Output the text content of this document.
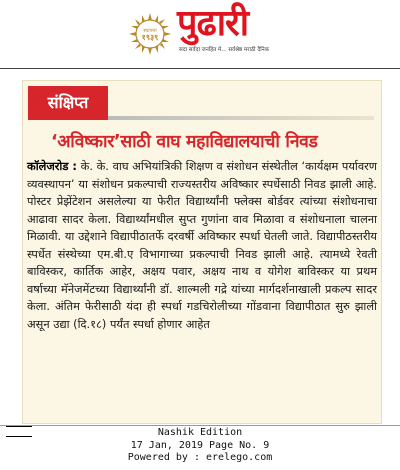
स्थापना
१९३९ पुढारी
सदा सर्वदा जनहित मे... सर्वश्रेष्ठ मराठी दैनिक
संक्षिप्त
‘अविष्कार’साठी वाघ महाविद्यालयाची निवड
कॉलेजरोड : के. के. वाघ अभियांत्रिकी शिक्षण व संशोधन संस्थेतील ‘कार्यक्षम पर्यावरण व्यवस्थापन’ या संशोधन प्रकल्पाची राज्यस्तरीय अविष्कार स्पर्धेसाठी निवड झाली आहे. पोस्टर प्रेझेंटेशन असलेल्या या फेरीत विद्यार्थ्यांनी फ्लेक्स बोर्डवर त्यांच्या संशोधनाचा आढावा सादर केला. विद्यार्थ्यांमधील सुप्त गुणांना वाव मिळावा व संशोधनाला चालना मिळावी. या उद्देशाने विद्यापीठातर्फे दरवर्षी अविष्कार स्पर्धा घेतली जाते. विद्यापीठस्तरीय स्पर्धेत संस्थेच्या एम.बी.ए विभागाच्या प्रकल्पाची निवड झाली आहे. त्यामध्ये रेवती बाविस्कर, कार्तिक आहेर, अक्षय पवार, अक्षय नाथ व योगेश बाविस्कर या प्रथम वर्षाच्या मॅनेजमेंटच्या विद्यार्थ्यांनी डॉ. शाल्मली गद्रे यांच्या मार्गदर्शनाखाली प्रकल्प सादर केला. अंतिम फेरीसाठी यंदा ही स्पर्धा गडचिरोलीच्या गोंडवाना विद्यापीठात सुरु झाली असून उद्या (दि.१८) पर्यंत स्पर्धा होणार आहेत
Nashik Edition
17 Jan, 2019 Page No. 9
Powered by : erelego.com
